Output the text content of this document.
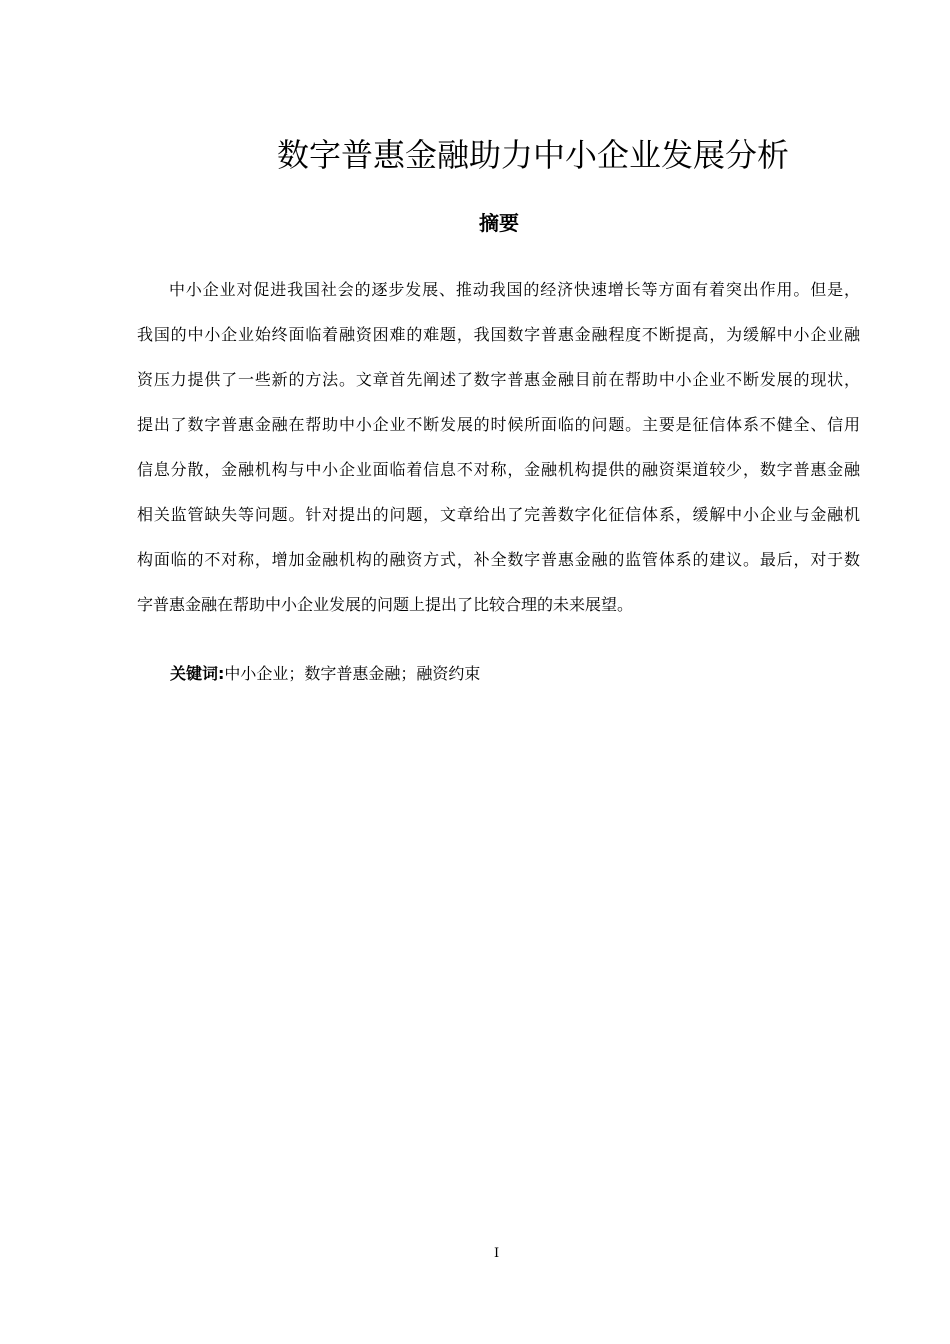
数字普惠金融助力中小企业发展分析
摘要
中小企业对促进我国社会的逐步发展、推动我国的经济快速增长等方面有着突出作用。但是，
我国的中小企业始终面临着融资困难的难题，我国数字普惠金融程度不断提高，为缓解中小企业融
资压力提供了一些新的方法。文章首先阐述了数字普惠金融目前在帮助中小企业不断发展的现状，
提出了数字普惠金融在帮助中小企业不断发展的时候所面临的问题。主要是征信体系不健全、信用
信息分散，金融机构与中小企业面临着信息不对称，金融机构提供的融资渠道较少，数字普惠金融
相关监管缺失等问题。针对提出的问题，文章给出了完善数字化征信体系，缓解中小企业与金融机
构面临的不对称，增加金融机构的融资方式，补全数字普惠金融的监管体系的建议。最后，对于数
字普惠金融在帮助中小企业发展的问题上提出了比较合理的未来展望。
关键词:中小企业；数字普惠金融；融资约束
I
